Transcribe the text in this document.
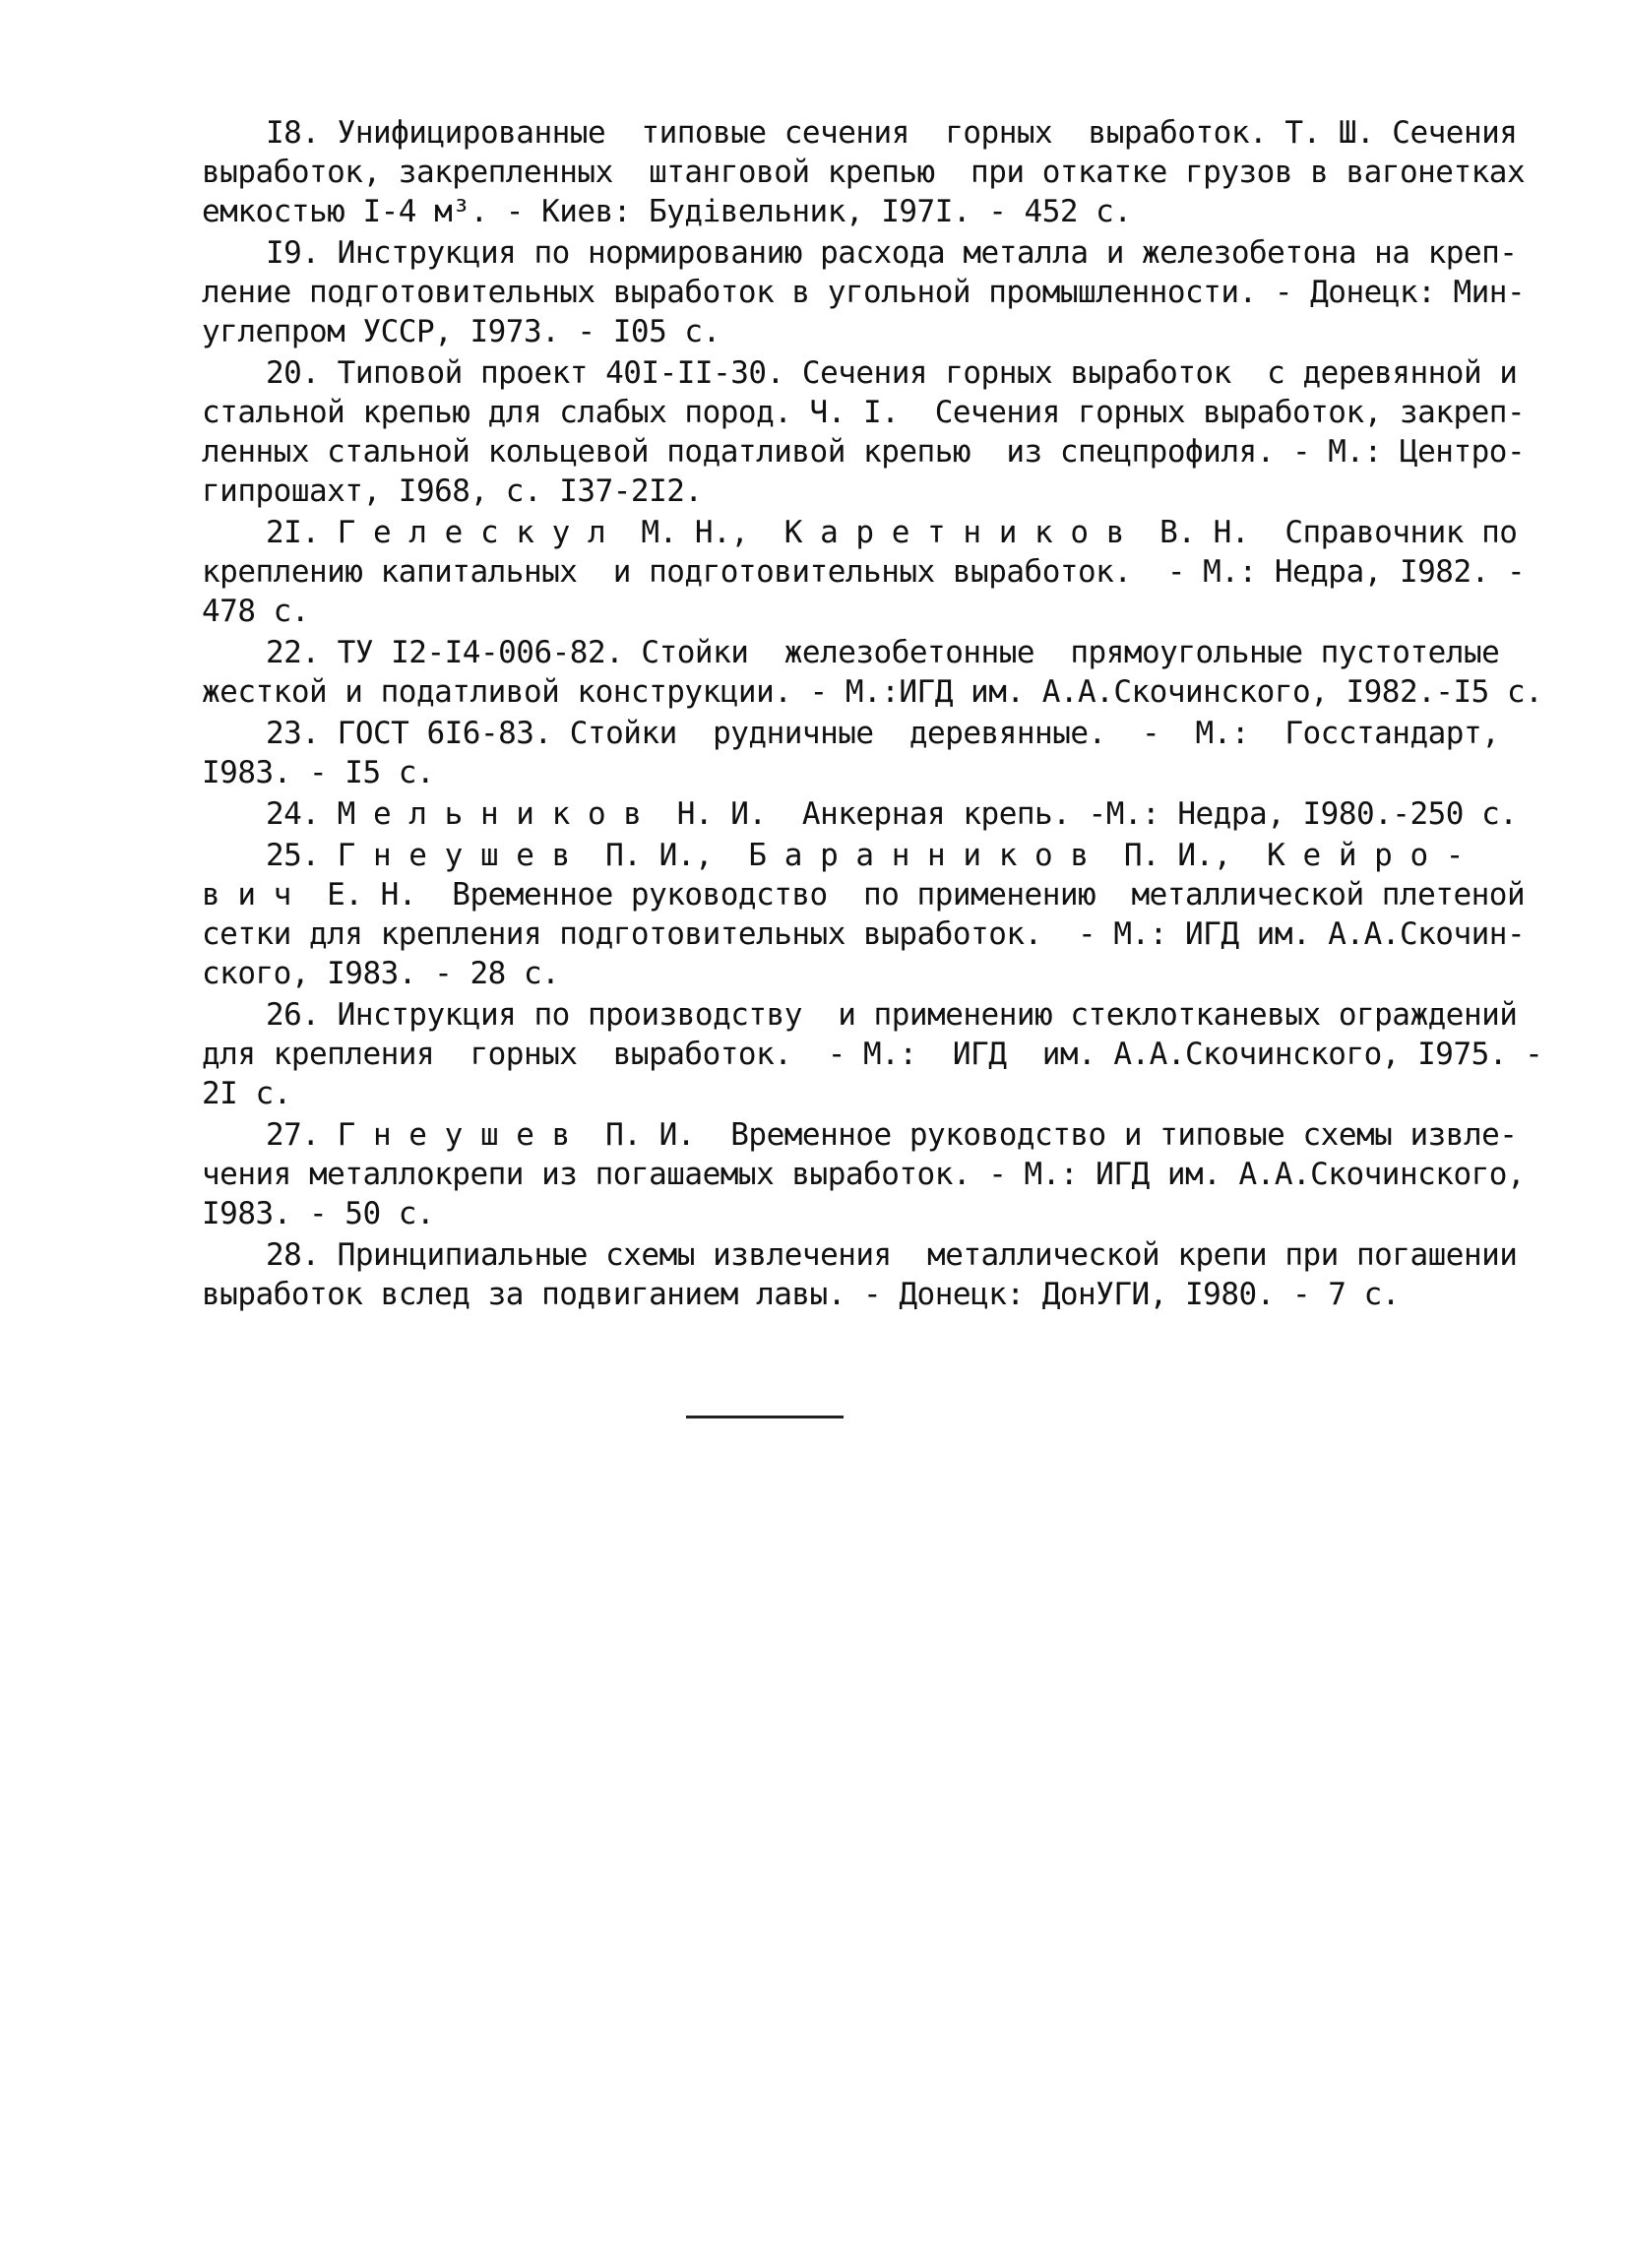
I8. Унифицированные  типовые сечения  горных  выработок. Т. Ш. Сечения
выработок, закрепленных  штанговой крепью  при откатке грузов в вагонетках
емкостью I-4 м³. - Киев: Будiвельник, I97I. - 452 с.
I9. Инструкция по нормированию расхода металла и железобетона на креп-
ление подготовительных выработок в угольной промышленности. - Донецк: Мин-
углепром УССР, I973. - I05 с.
20. Типовой проект 40I-II-30. Сечения горных выработок  с деревянной и
стальной крепью для слабых пород. Ч. I.  Сечения горных выработок, закреп-
ленных стальной кольцевой податливой крепью  из спецпрофиля. - М.: Центро-
гипрошахт, I968, с. I37-2I2.
2I. Г е л е с к у л  М. Н.,  К а р е т н и к о в  В. Н.  Справочник по
креплению капитальных  и подготовительных выработок.  - М.: Недра, I982. -
478 с.
22. ТУ I2-I4-006-82. Стойки  железобетонные  прямоугольные пустотелые
жесткой и податливой конструкции. - М.:ИГД им. А.А.Скочинского, I982.-I5 с.
23. ГОСТ 6I6-83. Стойки  рудничные  деревянные.  -  М.:  Госстандарт,
I983. - I5 с.
24. М е л ь н и к о в  Н. И.  Анкерная крепь. -М.: Недра, I980.-250 с.
25. Г н е у ш е в  П. И.,  Б а р а н н и к о в  П. И.,  К е й р о -
в и ч  Е. Н.  Временное руководство  по применению  металлической плетеной
сетки для крепления подготовительных выработок.  - М.: ИГД им. А.А.Скочин-
ского, I983. - 28 с.
26. Инструкция по производству  и применению стеклотканевых ограждений
для крепления  горных  выработок.  - М.:  ИГД  им. А.А.Скочинского, I975. -
2I с.
27. Г н е у ш е в  П. И.  Временное руководство и типовые схемы извле-
чения металлокрепи из погашаемых выработок. - М.: ИГД им. А.А.Скочинского,
I983. - 50 с.
28. Принципиальные схемы извлечения  металлической крепи при погашении
выработок вслед за подвиганием лавы. - Донецк: ДонУГИ, I980. - 7 с.
